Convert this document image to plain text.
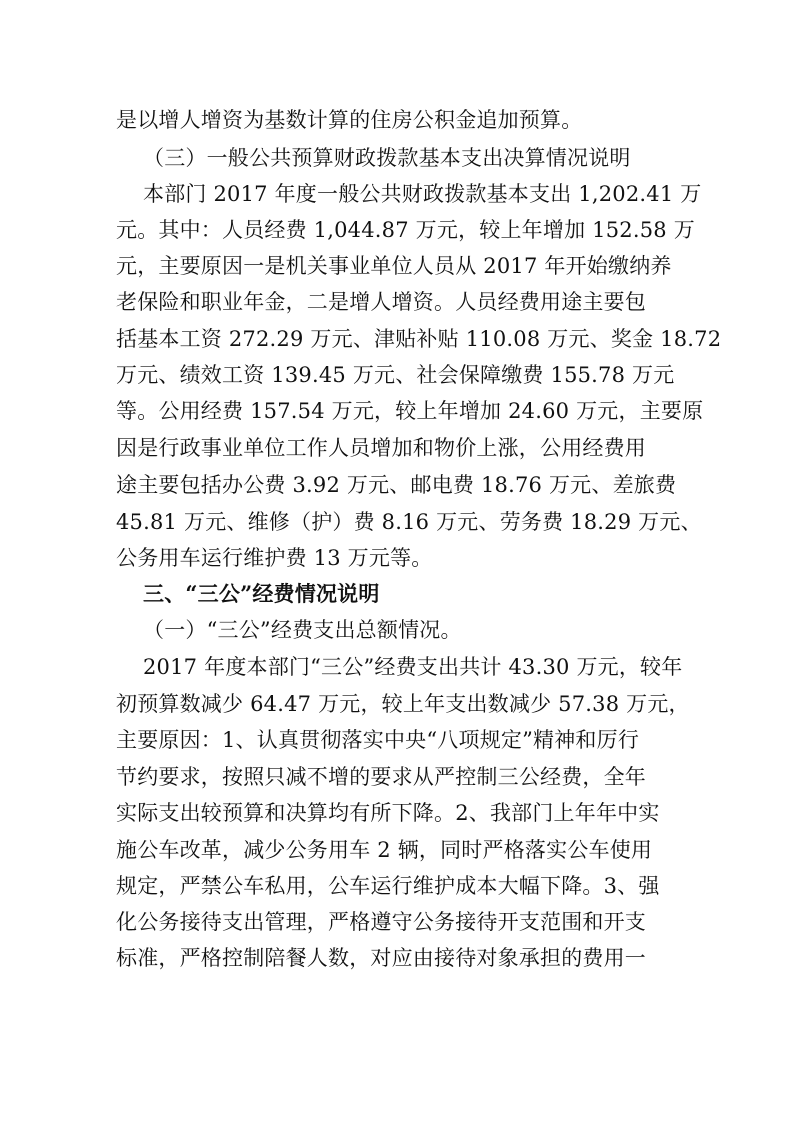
是以增人增资为基数计算的住房公积金追加预算。
（三）一般公共预算财政拨款基本支出决算情况说明
本部门 2017 年度一般公共财政拨款基本支出 1,202.41 万
元。其中：人员经费 1,044.87 万元，较上年增加 152.58 万
元，主要原因一是机关事业单位人员从 2017 年开始缴纳养
老保险和职业年金，二是增人增资。人员经费用途主要包
括基本工资 272.29 万元、津贴补贴 110.08 万元、奖金 18.72
万元、绩效工资 139.45 万元、社会保障缴费 155.78 万元
等。公用经费 157.54 万元，较上年增加 24.60 万元，主要原
因是行政事业单位工作人员增加和物价上涨，公用经费用
途主要包括办公费 3.92 万元、邮电费 18.76 万元、差旅费
45.81 万元、维修（护）费 8.16 万元、劳务费 18.29 万元、
公务用车运行维护费 13 万元等。
三、“三公”经费情况说明
（一）“三公”经费支出总额情况。
2017 年度本部门“三公”经费支出共计 43.30 万元，较年
初预算数减少 64.47 万元，较上年支出数减少 57.38 万元，
主要原因：1、认真贯彻落实中央“八项规定”精神和厉行
节约要求，按照只减不增的要求从严控制三公经费，全年
实际支出较预算和决算均有所下降。2、我部门上年年中实
施公车改革，减少公务用车 2 辆，同时严格落实公车使用
规定，严禁公车私用，公车运行维护成本大幅下降。3、强
化公务接待支出管理，严格遵守公务接待开支范围和开支
标准，严格控制陪餐人数，对应由接待对象承担的费用一
